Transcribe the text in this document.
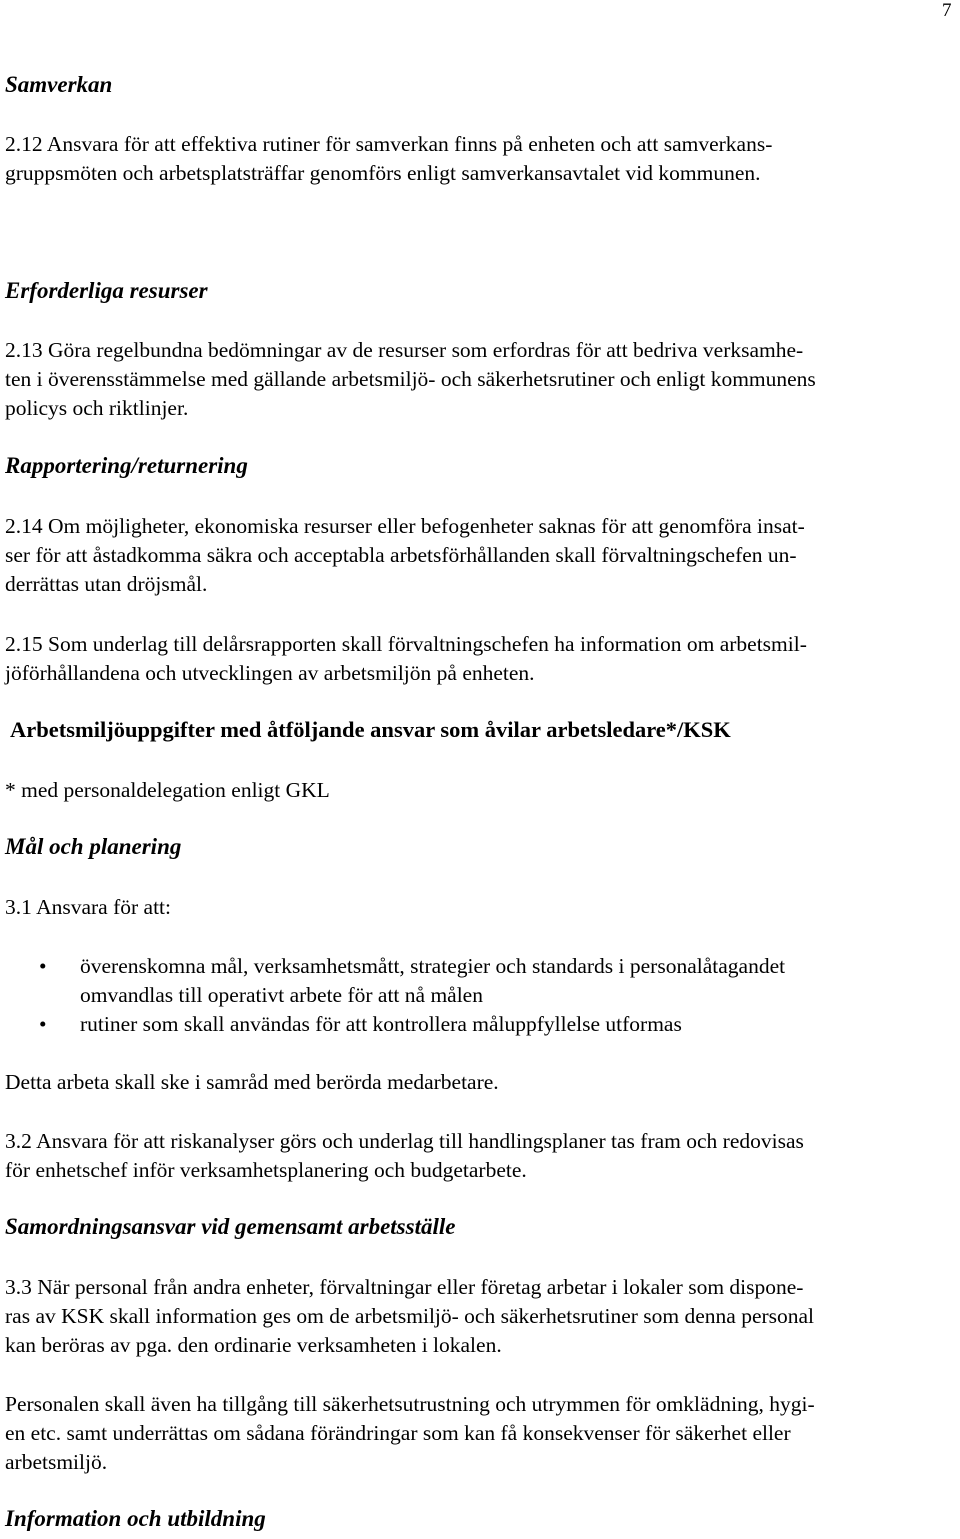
7
Samverkan
2.12 Ansvara för att effektiva rutiner för samverkan finns på enheten och att samverkans-
gruppsmöten och arbetsplatsträffar genomförs enligt samverkansavtalet vid kommunen.
Erforderliga resurser
2.13 Göra regelbundna bedömningar av de resurser som erfordras för att bedriva verksamhe-
ten i överensstämmelse med gällande arbetsmiljö- och säkerhetsrutiner och enligt kommunens
policys och riktlinjer.
Rapportering/returnering
2.14 Om möjligheter, ekonomiska resurser eller befogenheter saknas för att genomföra insat-
ser för att åstadkomma säkra och acceptabla arbetsförhållanden skall förvaltningschefen un-
derrättas utan dröjsmål.
2.15 Som underlag till delårsrapporten skall förvaltningschefen ha information om arbetsmil-
jöförhållandena och utvecklingen av arbetsmiljön på enheten.
Arbetsmiljöuppgifter med åtföljande ansvar som åvilar arbetsledare*/KSK
* med personaldelegation enligt GKL
Mål och planering
3.1 Ansvara för att:
• överenskomna mål, verksamhetsmått, strategier och standards i personalåtagandet
omvandlas till operativt arbete för att nå målen
• rutiner som skall användas för att kontrollera måluppfyllelse utformas
Detta arbeta skall ske i samråd med berörda medarbetare.
3.2 Ansvara för att riskanalyser görs och underlag till handlingsplaner tas fram och redovisas
för enhetschef inför verksamhetsplanering och budgetarbete.
Samordningsansvar vid gemensamt arbetsställe
3.3 När personal från andra enheter, förvaltningar eller företag arbetar i lokaler som dispone-
ras av KSK skall information ges om de arbetsmiljö- och säkerhetsrutiner som denna personal
kan beröras av pga. den ordinarie verksamheten i lokalen.
Personalen skall även ha tillgång till säkerhetsutrustning och utrymmen för omklädning, hygi-
en etc. samt underrättas om sådana förändringar som kan få konsekvenser för säkerhet eller
arbetsmiljö.
Information och utbildning
